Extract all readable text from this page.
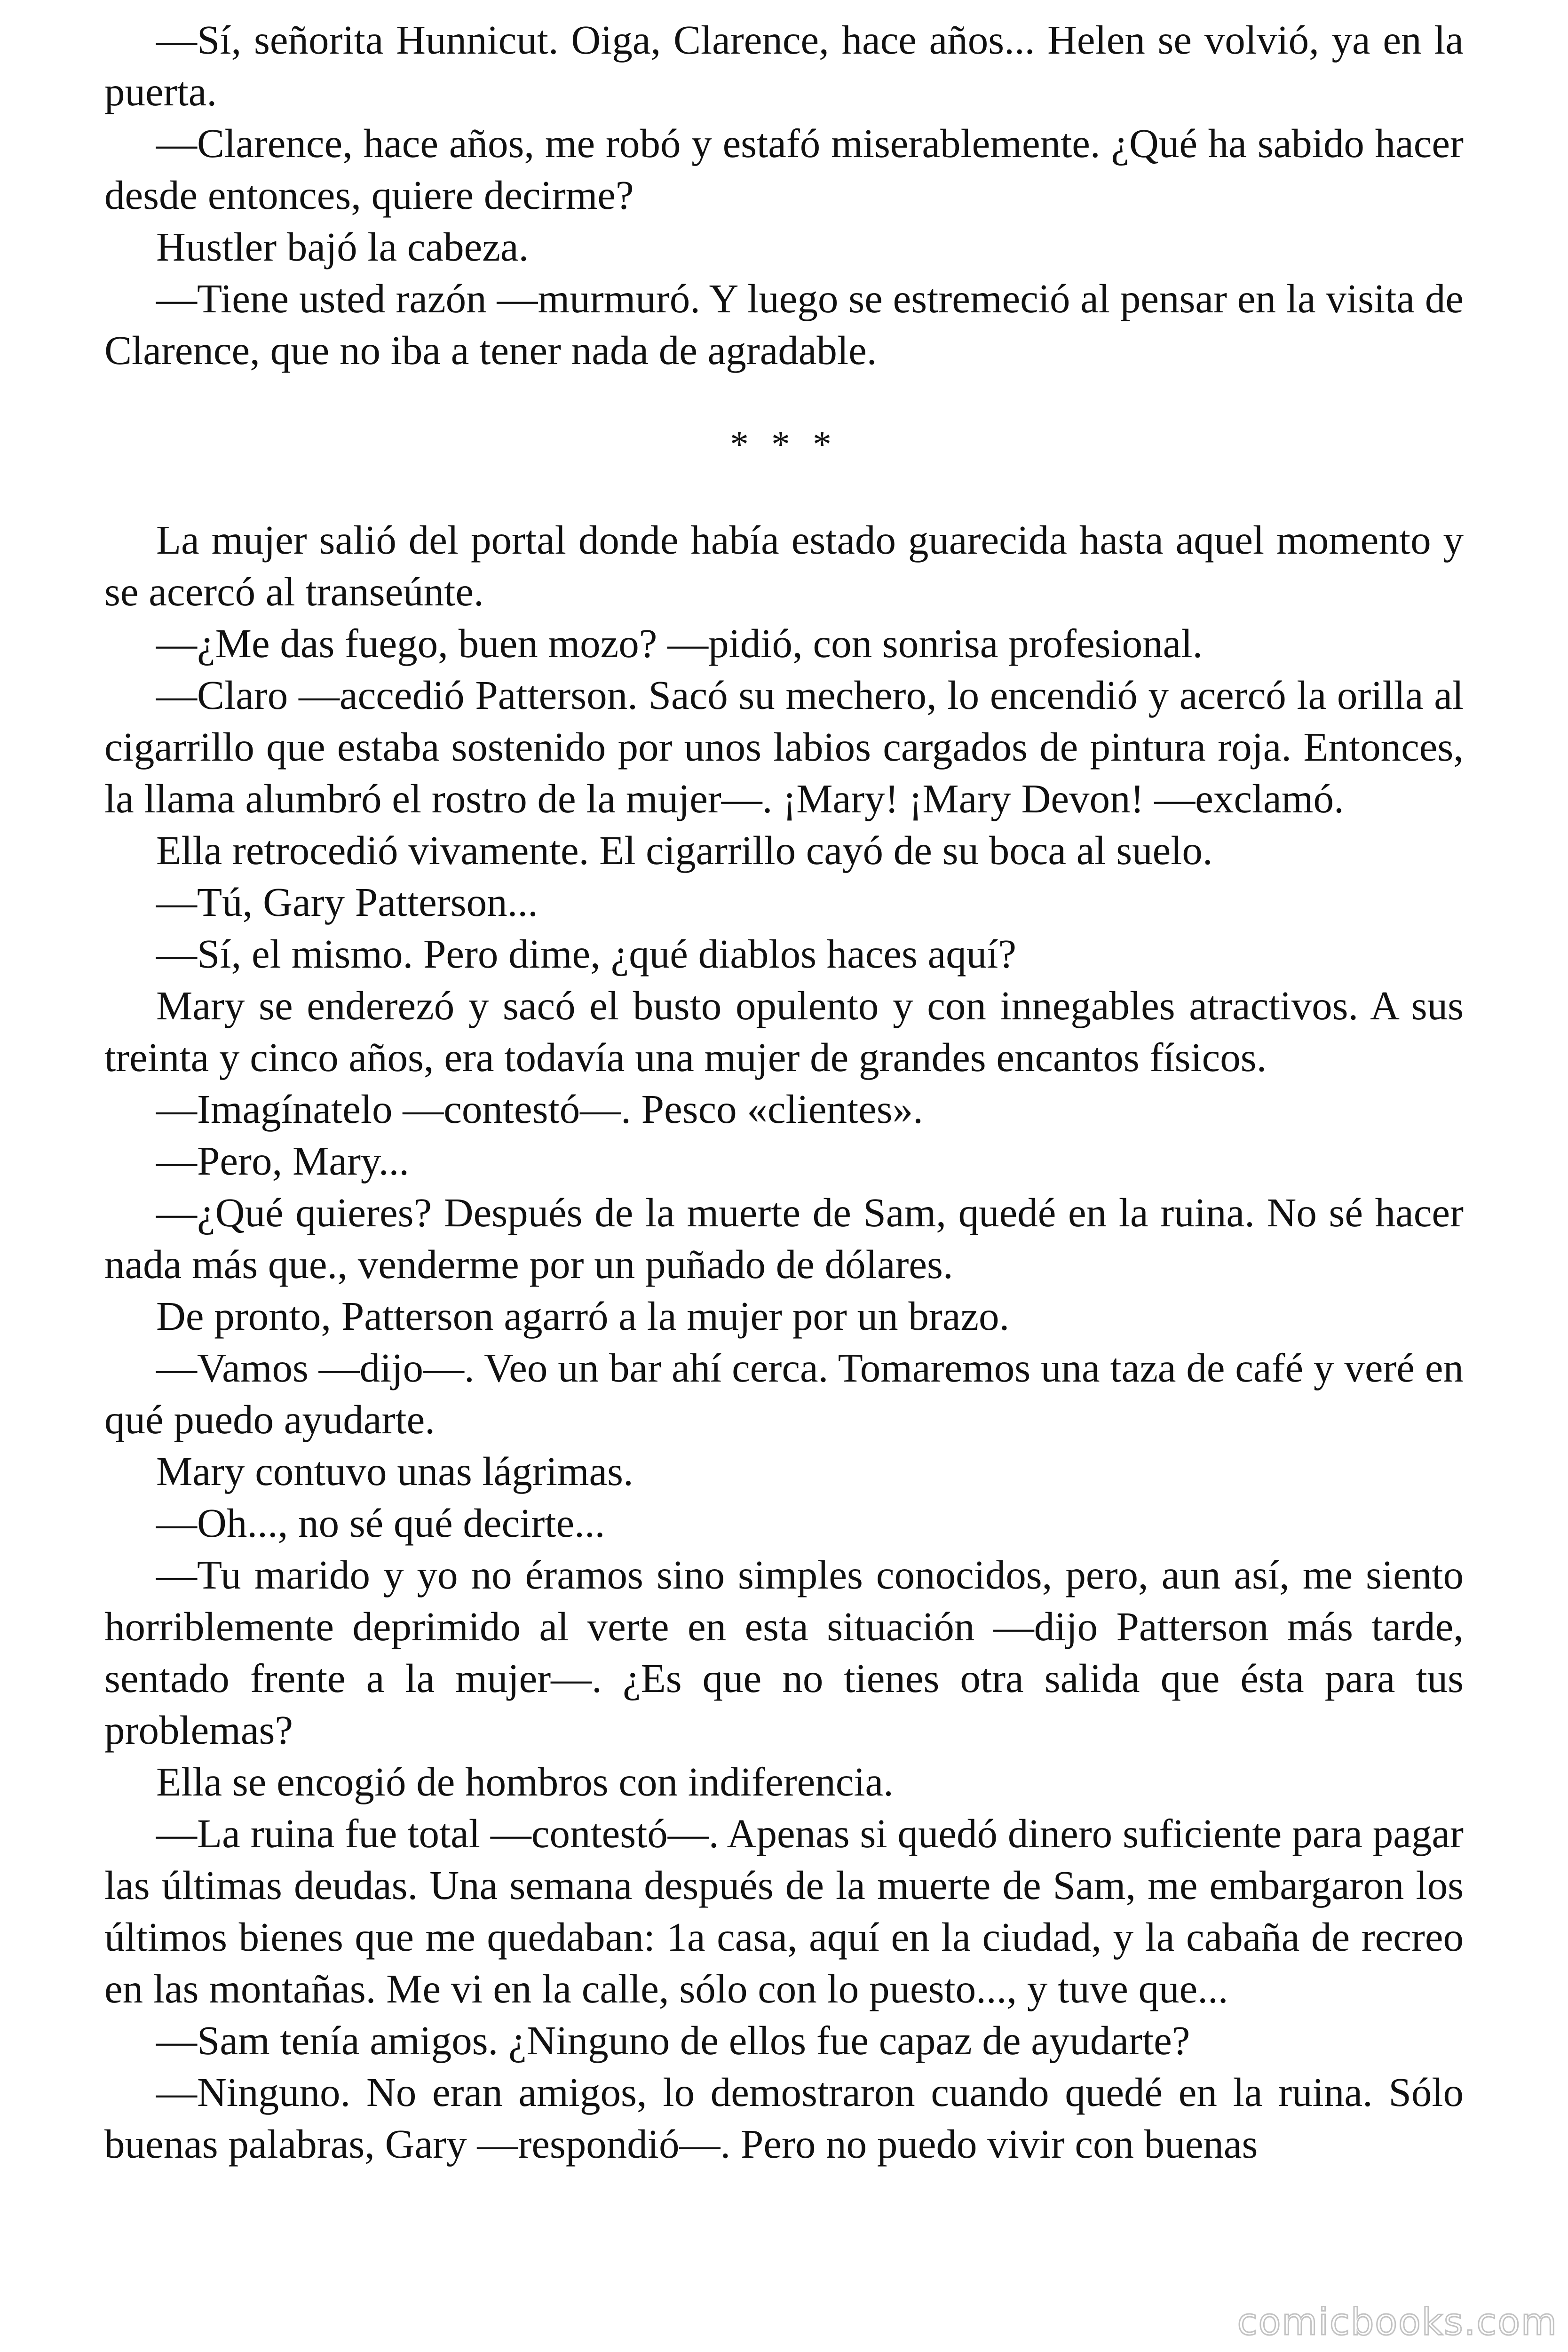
—Sí, señorita Hunnicut. Oiga, Clarence, hace años... Helen se volvió, ya en la puerta.

—Clarence, hace años, me robó y estafó miserablemente. ¿Qué ha sabido hacer desde entonces, quiere decirme?

Hustler bajó la cabeza.

—Tiene usted razón —murmuró. Y luego se estremeció al pensar en la visita de Clarence, que no iba a tener nada de agradable.

* * *

La mujer salió del portal donde había estado guarecida hasta aquel momento y se acercó al transeúnte.

—¿Me das fuego, buen mozo? —pidió, con sonrisa profesional.

—Claro —accedió Patterson. Sacó su mechero, lo encendió y acercó la orilla al cigarrillo que estaba sostenido por unos labios cargados de pintura roja. Entonces, la llama alumbró el rostro de la mujer—. ¡Mary! ¡Mary Devon! —exclamó.

Ella retrocedió vivamente. El cigarrillo cayó de su boca al suelo.

—Tú, Gary Patterson...

—Sí, el mismo. Pero dime, ¿qué diablos haces aquí?

Mary se enderezó y sacó el busto opulento y con innegables atractivos. A sus treinta y cinco años, era todavía una mujer de grandes encantos físicos.

—Imagínatelo —contestó—. Pesco «clientes».

—Pero, Mary...

—¿Qué quieres? Después de la muerte de Sam, quedé en la ruina. No sé hacer nada más que., venderme por un puñado de dólares.

De pronto, Patterson agarró a la mujer por un brazo.

—Vamos —dijo—. Veo un bar ahí cerca. Tomaremos una taza de café y veré en qué puedo ayudarte.

Mary contuvo unas lágrimas.

—Oh..., no sé qué decirte...

—Tu marido y yo no éramos sino simples conocidos, pero, aun así, me siento horriblemente deprimido al verte en esta situación —dijo Patterson más tarde, sentado frente a la mujer—. ¿Es que no tienes otra salida que ésta para tus problemas?

Ella se encogió de hombros con indiferencia.

—La ruina fue total —contestó—. Apenas si quedó dinero suficiente para pagar las últimas deudas. Una semana después de la muerte de Sam, me embargaron los últimos bienes que me quedaban: 1a casa, aquí en la ciudad, y la cabaña de recreo en las montañas. Me vi en la calle, sólo con lo puesto..., y tuve que...

—Sam tenía amigos. ¿Ninguno de ellos fue capaz de ayudarte?

—Ninguno. No eran amigos, lo demostraron cuando quedé en la ruina. Sólo buenas palabras, Gary —respondió—. Pero no puedo vivir con buenas

comicbooks.com
